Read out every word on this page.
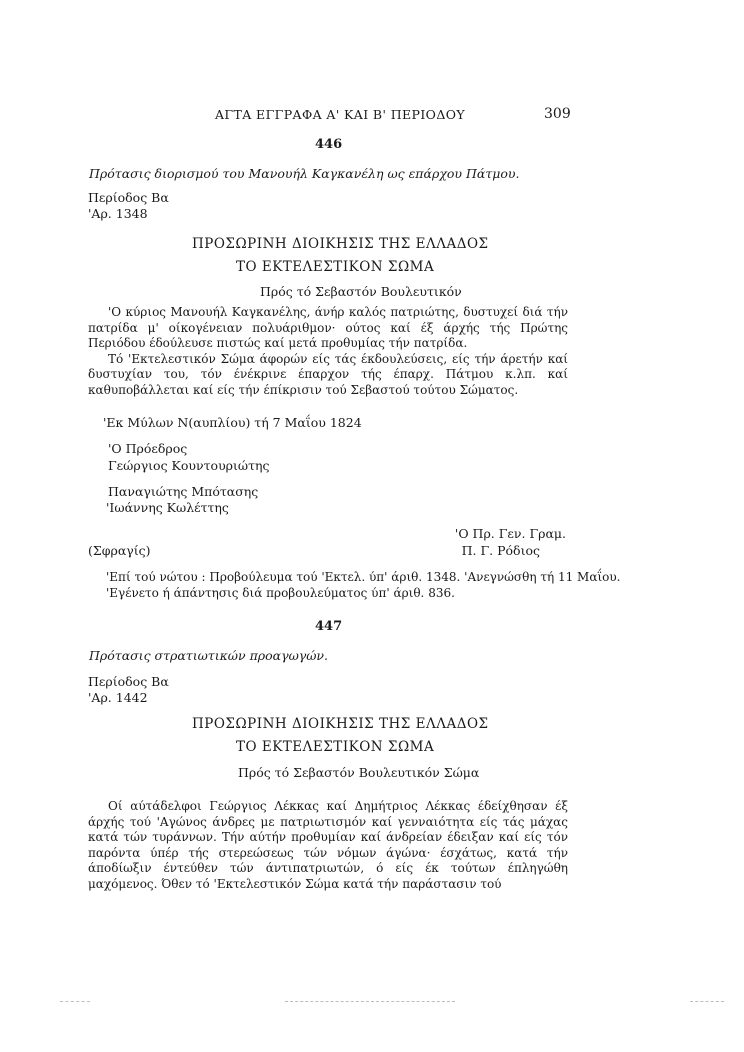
ΑΓΤΑ ΕΓΓΡΑΦΑ Α' ΚΑΙ Β' ΠΕΡΙΟΔΟΥ	309
446
Πρότασις διορισμού του Μανουήλ Καγκανέλη ως επάρχου Πάτμου.
Περίοδος Βα
'Αρ. 1348
ΠΡΟΣΩΡΙΝΗ ΔΙΟΙΚΗΣΙΣ ΤΗΣ ΕΛΛΑΔΟΣ
ΤΟ ΕΚΤΕΛΕΣΤΙΚΟΝ ΣΩΜΑ
Πρός τό Σεβαστόν Βουλευτικόν

'Ο κύριος Μανουήλ Καγκανέλης, άνήρ καλός πατριώτης, δυστυχεί διά τήν πατρίδα μ' οίκογένειαν πολυάριθμον· ούτος καί έξ άρχής τής Πρώτης Περιόδου έδούλευσε πιστώς καί μετά προθυμίας τήν πατρίδα.

Τό 'Εκτελεστικόν Σώμα άφορών είς τάς έκδουλεύσεις, είς τήν άρετήν καί δυστυχίαν του, τόν ένέκρινε έπαρχον τής έπαρχ. Πάτμου κ.λπ. καί καθυποβάλλεται καί είς τήν έπίκρισιν τού Σεβαστού τούτου Σώματος.

'Εκ Μύλων Ν(αυπλίου) τή 7 Μαΐου 1824
'Ο Πρόεδρος
Γεώργιος Κουντουριώτης
Παναγιώτης Μπότασης
'Ιωάννης Κωλέττης
'Ο Πρ. Γεν. Γραμ.
(Σφραγίς)	Π. Γ. Ρόδιος
'Επί τού νώτου : Προβούλευμα τού 'Εκτελ. ύπ' άριθ. 1348. 'Ανεγνώσθη τή 11 Μαΐου.
'Εγένετο ή άπάντησις διά προβουλεύματος ύπ' άριθ. 836.
447
Πρότασις στρατιωτικών προαγωγών.
Περίοδος Βα
'Αρ. 1442
ΠΡΟΣΩΡΙΝΗ ΔΙΟΙΚΗΣΙΣ ΤΗΣ ΕΛΛΑΔΟΣ
ΤΟ ΕΚΤΕΛΕΣΤΙΚΟΝ ΣΩΜΑ
Πρός τό Σεβαστόν Βουλευτικόν Σώμα

Οί αύτάδελφοι Γεώργιος Λέκκας καί Δημήτριος Λέκκας έδείχθησαν έξ άρχής τού 'Αγώνος άνδρες με πατριωτισμόν καί γενναιότητα είς τάς μάχας κατά τών τυράννων. Τήν αύτήν προθυμίαν καί άνδρείαν έδειξαν καί είς τόν παρόντα ύπέρ τής στερεώσεως τών νόμων άγώνα· έσχάτως, κατά τήν άποδίωξιν έντεύθεν τών άντιπατριωτών, ό είς έκ τούτων έπληγώθη μαχόμενος. Όθεν τό 'Εκτελεστικόν Σώμα κατά τήν παράστασιν τού
